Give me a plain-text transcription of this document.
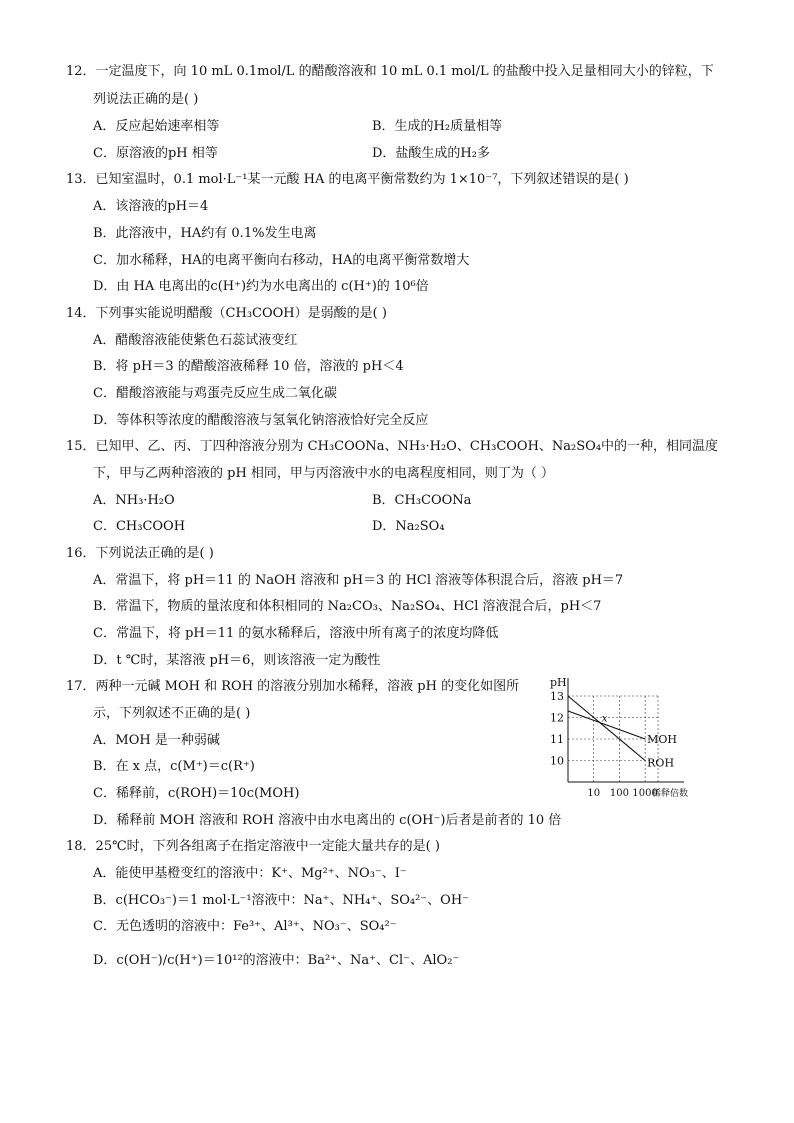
12．一定温度下，向 10 mL 0.1mol/L 的醋酸溶液和 10 mL 0.1 mol/L 的盐酸中投入足量相同大小的锌粒，下
列说法正确的是( )
A．反应起始速率相等	B．生成的H₂质量相等
C．原溶液的pH 相等	D．盐酸生成的H₂多
13．已知室温时，0.1 mol·L⁻¹某一元酸 HA 的电离平衡常数约为 1×10⁻⁷，下列叙述错误的是( )
A．该溶液的pH＝4
B．此溶液中，HA约有 0.1%发生电离
C．加水稀释，HA的电离平衡向右移动，HA的电离平衡常数增大
D．由 HA 电离出的c(H⁺)约为水电离出的 c(H⁺)的 10⁶倍
14．下列事实能说明醋酸（CH₃COOH）是弱酸的是( )
A．醋酸溶液能使紫色石蕊试液变红
B．将 pH＝3 的醋酸溶液稀释 10 倍，溶液的 pH＜4
C．醋酸溶液能与鸡蛋壳反应生成二氧化碳
D．等体积等浓度的醋酸溶液与氢氧化钠溶液恰好完全反应
15．已知甲、乙、丙、丁四种溶液分别为 CH₃COONa、NH₃·H₂O、CH₃COOH、Na₂SO₄中的一种，相同温度
下，甲与乙两种溶液的 pH 相同，甲与丙溶液中水的电离程度相同，则丁为（ ）
A．NH₃·H₂O	B．CH₃COONa
C．CH₃COOH	D．Na₂SO₄
16．下列说法正确的是( )
A．常温下，将 pH＝11 的 NaOH 溶液和 pH＝3 的 HCl 溶液等体积混合后，溶液 pH＝7
B．常温下，物质的量浓度和体积相同的 Na₂CO₃、Na₂SO₄、HCl 溶液混合后，pH＜7
C．常温下，将 pH＝11 的氨水稀释后，溶液中所有离子的浓度均降低
D．t ℃时，某溶液 pH＝6，则该溶液一定为酸性
17．两种一元碱 MOH 和 ROH 的溶液分别加水稀释，溶液 pH 的变化如图所
示，下列叙述不正确的是( )
A．MOH 是一种弱碱
B．在 x 点，c(M⁺)＝c(R⁺)
C．稀释前，c(ROH)＝10c(MOH)
D．稀释前 MOH 溶液和 ROH 溶液中由水电离出的 c(OH⁻)后者是前者的 10 倍
13
12
11
10
10 100 1000
pH
稀释倍数
MOH
ROH
x
18．25℃时，下列各组离子在指定溶液中一定能大量共存的是( )
A．能使甲基橙变红的溶液中：K⁺、Mg²⁺、NO₃⁻、I⁻
B．c(HCO₃⁻)＝1 mol·L⁻¹溶液中：Na⁺、NH₄⁺、SO₄²⁻、OH⁻
C．无色透明的溶液中：Fe³⁺、Al³⁺、NO₃⁻、SO₄²⁻
D．c(OH⁻)/c(H⁺)＝10¹²的溶液中：Ba²⁺、Na⁺、Cl⁻、AlO₂⁻
